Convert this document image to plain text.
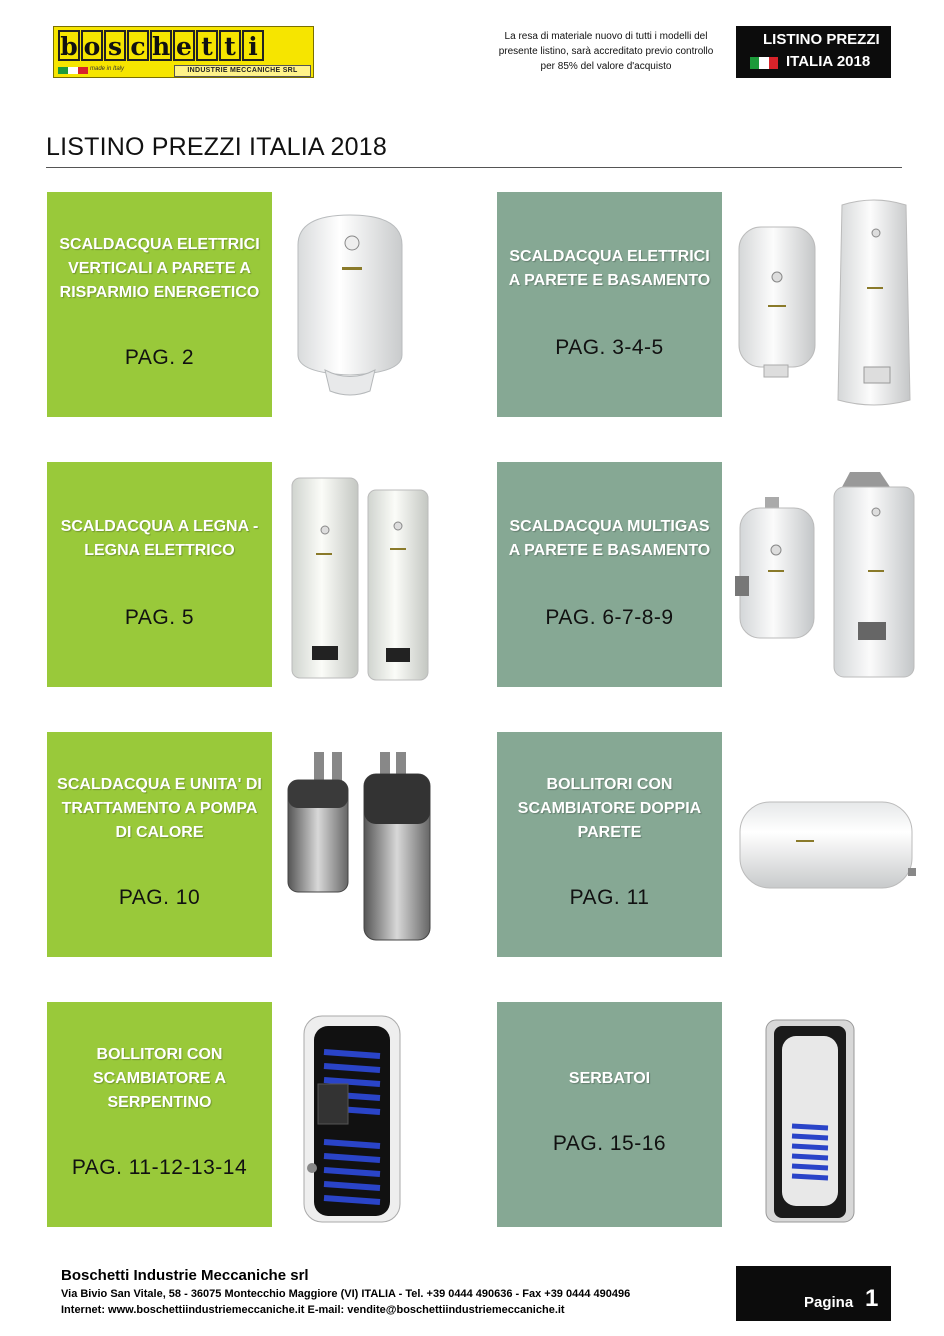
b o s c h e t t i
made in Italy	INDUSTRIE MECCANICHE SRL
La resa di materiale nuovo di tutti i modelli del
presente listino, sarà accreditato previo controllo
per 85% del valore d'acquisto
LISTINO PREZZI
ITALIA 2018
LISTINO PREZZI ITALIA 2018
SCALDACQUA ELETTRICI
VERTICALI A PARETE A
RISPARMIO ENERGETICO
PAG. 2
SCALDACQUA ELETTRICI
A PARETE E BASAMENTO
PAG. 3-4-5
SCALDACQUA A LEGNA -
LEGNA ELETTRICO
PAG. 5
SCALDACQUA MULTIGAS
A PARETE E BASAMENTO
PAG. 6-7-8-9
SCALDACQUA E UNITA' DI
TRATTAMENTO A POMPA
DI CALORE
PAG. 10
BOLLITORI CON
SCAMBIATORE DOPPIA
PARETE
PAG. 11
BOLLITORI CON
SCAMBIATORE A
SERPENTINO
PAG. 11-12-13-14
SERBATOI
PAG. 15-16
Boschetti Industrie Meccaniche srl
Via Bivio San Vitale, 58 - 36075 Montecchio Maggiore (VI) ITALIA - Tel. +39 0444 490636 - Fax +39 0444 490496
Internet: www.boschettiindustriemeccaniche.it E-mail: vendite@boschettiindustriemeccaniche.it	Pagina 1
